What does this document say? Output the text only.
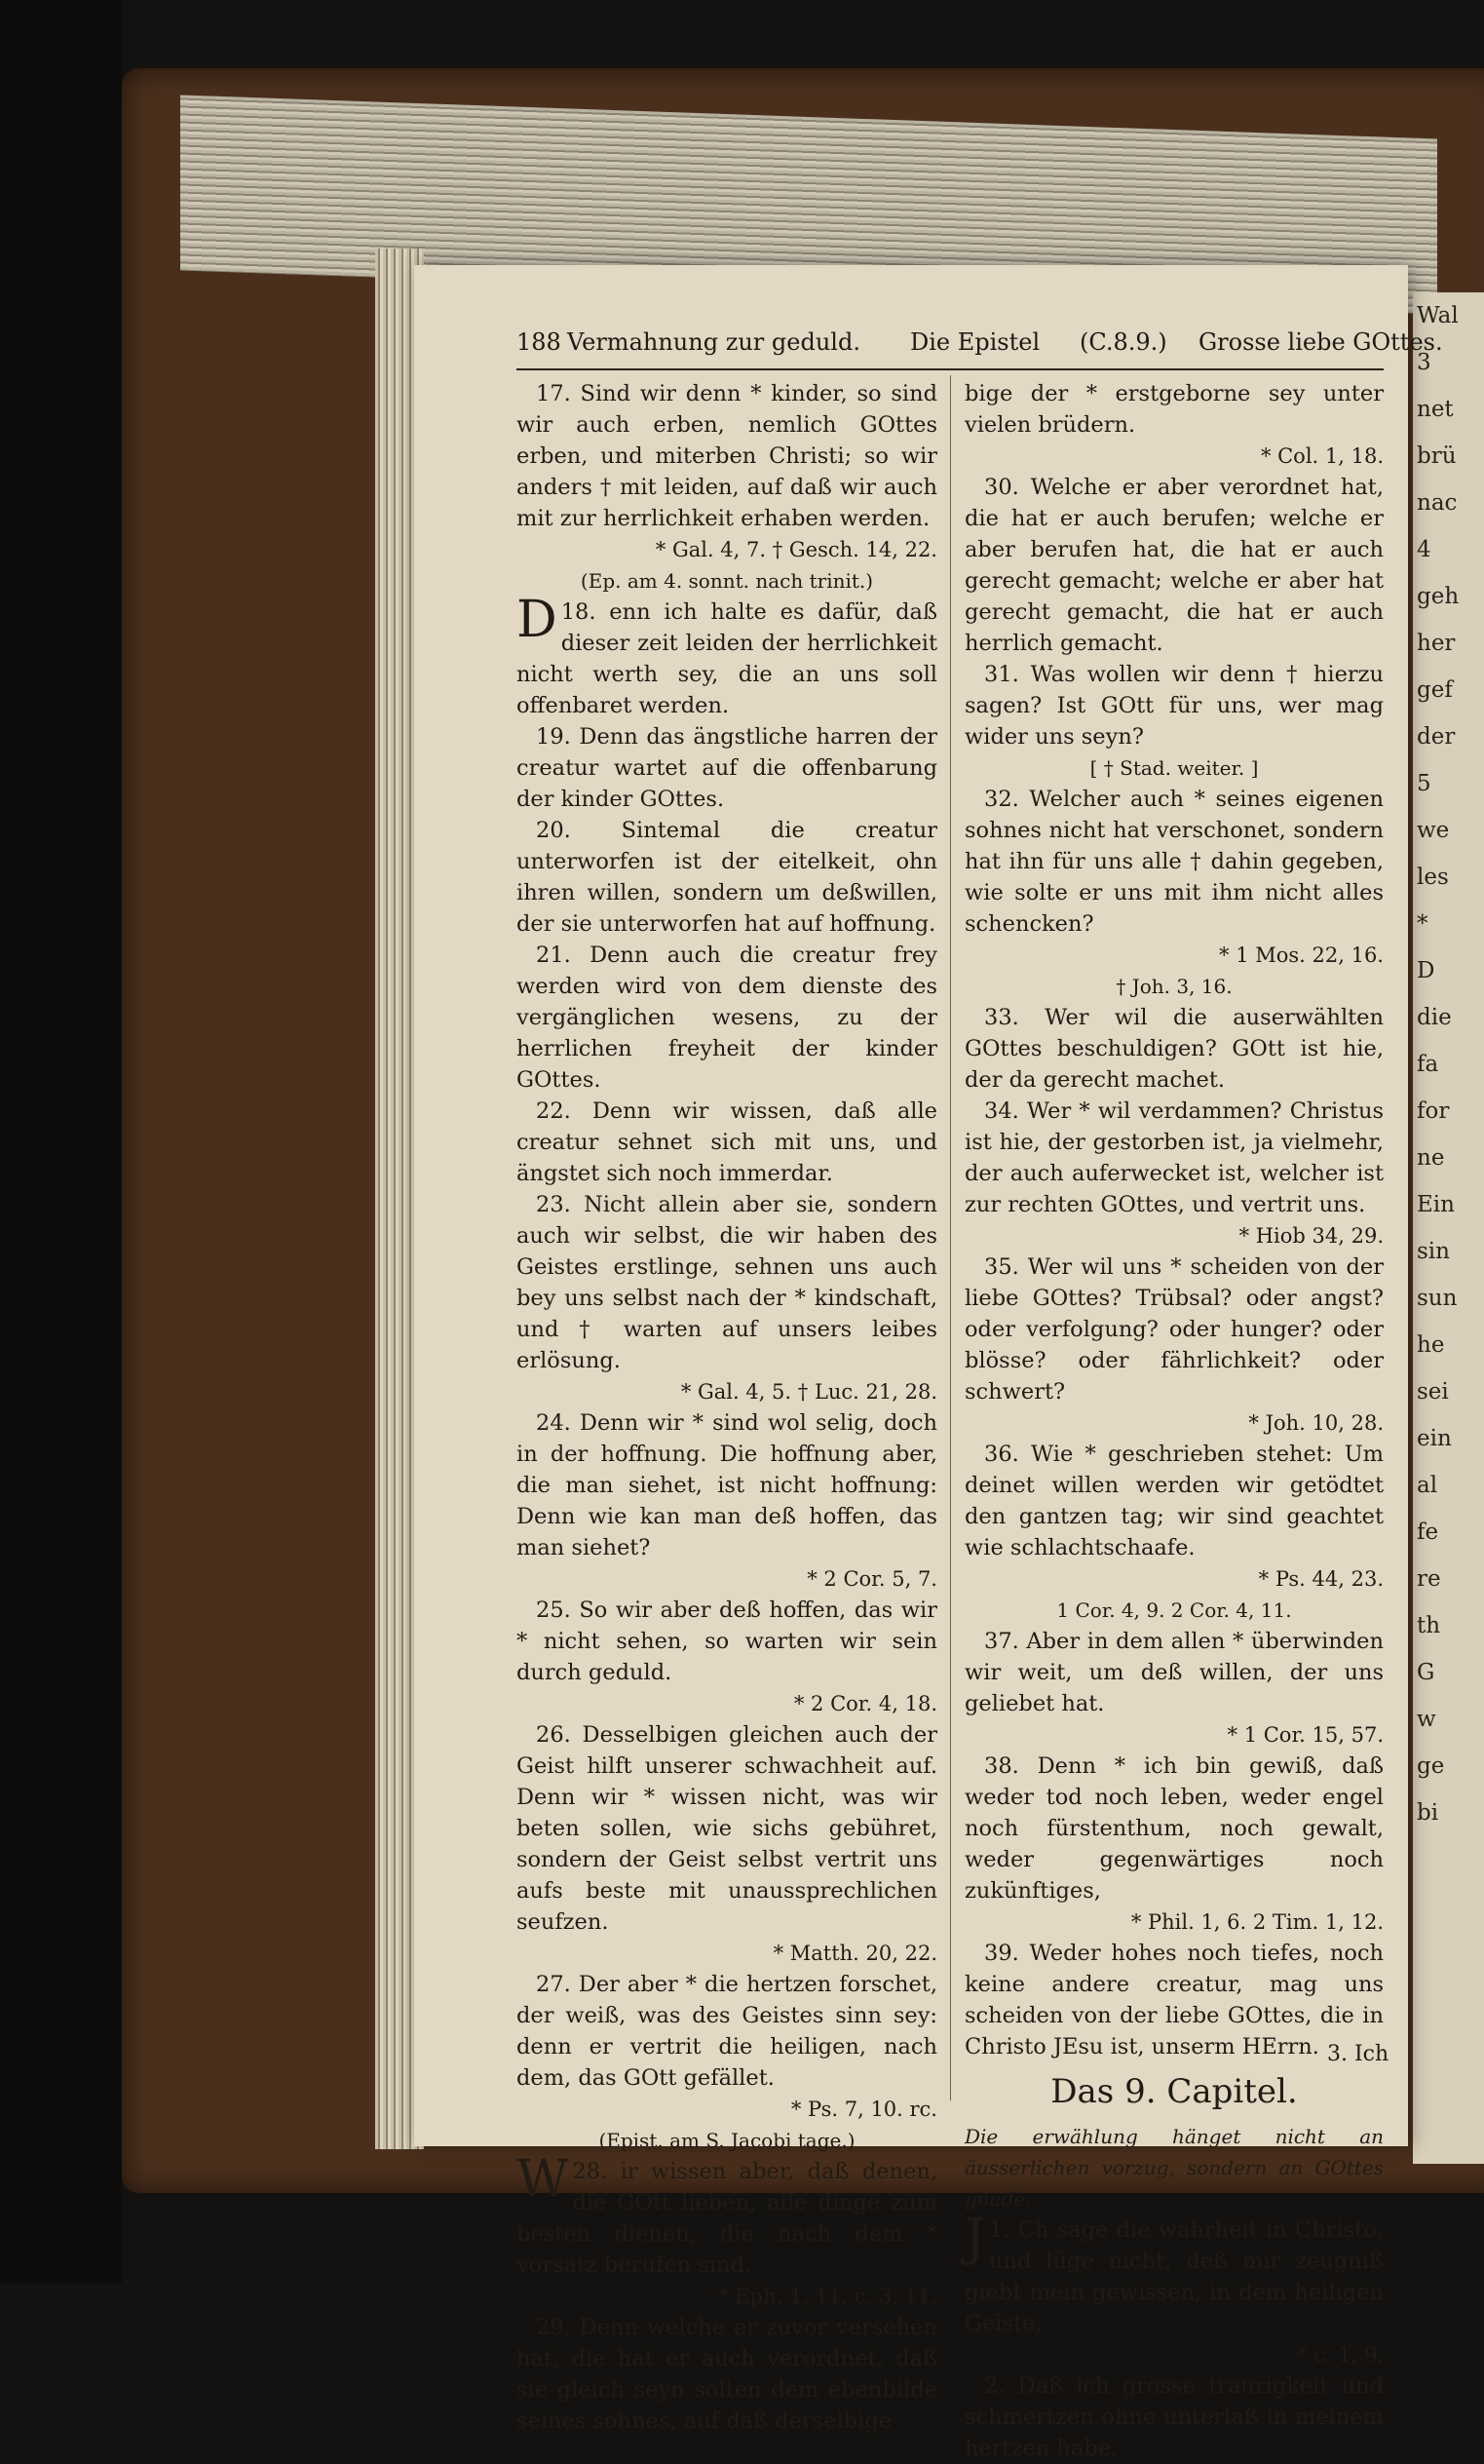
Wal
3
net
brü
nac
4
geh
her
gef
der
5
we
les
*
D
die
fa
for
ne
Ein
sin
sun
he
sei
ein
al
fe
re
th
G
w
ge
bi
188 Vermahnung zur geduld. Die Epistel (C.8.9.) Grosse liebe GOttes.

17. Sind wir denn * kinder, so sind wir auch erben, nemlich GOttes erben, und miterben Christi; so wir anders † mit leiden, auf daß wir auch mit zur herrlichkeit erhaben werden.

* Gal. 4, 7. † Gesch. 14, 22.

(Ep. am 4. sonnt. nach trinit.)

D 18. enn ich halte es dafür, daß dieser zeit leiden der herrlichkeit nicht werth sey, die an uns soll offenbaret werden.

19. Denn das ängstliche harren der creatur wartet auf die offenbarung der kinder GOttes.

20. Sintemal die creatur unterworfen ist der eitelkeit, ohn ihren willen, sondern um deßwillen, der sie unterworfen hat auf hoffnung.

21. Denn auch die creatur frey werden wird von dem dienste des vergänglichen wesens, zu der herrlichen freyheit der kinder GOttes.

22. Denn wir wissen, daß alle creatur sehnet sich mit uns, und ängstet sich noch immerdar.

23. Nicht allein aber sie, sondern auch wir selbst, die wir haben des Geistes erstlinge, sehnen uns auch bey uns selbst nach der * kindschaft, und † warten auf unsers leibes erlösung.

* Gal. 4, 5. † Luc. 21, 28.

24. Denn wir * sind wol selig, doch in der hoffnung. Die hoffnung aber, die man siehet, ist nicht hoffnung: Denn wie kan man deß hoffen, das man siehet?

* 2 Cor. 5, 7.

25. So wir aber deß hoffen, das wir * nicht sehen, so warten wir sein durch geduld.

* 2 Cor. 4, 18.

26. Desselbigen gleichen auch der Geist hilft unserer schwachheit auf. Denn wir * wissen nicht, was wir beten sollen, wie sichs gebühret, sondern der Geist selbst vertrit uns aufs beste mit unaussprechlichen seufzen.

* Matth. 20, 22.

27. Der aber * die hertzen forschet, der weiß, was des Geistes sinn sey: denn er vertrit die heiligen, nach dem, das GOtt gefället.

* Ps. 7, 10. rc.

(Epist. am S. Jacobi tage.)

W 28. ir wissen aber, daß denen, die GOtt lieben, alle dinge zum besten dienen, die nach dem * vorsatz berufen sind.

* Eph. 1, 11. c. 3, 11.

29. Denn welche er zuvor versehen hat, die hat er auch verordnet, daß sie gleich seyn solten dem ebenbilde seines sohnes, auf daß derselbige

bige der * erstgeborne sey unter vielen brüdern.

* Col. 1, 18.

30. Welche er aber verordnet hat, die hat er auch berufen; welche er aber berufen hat, die hat er auch gerecht gemacht; welche er aber hat gerecht gemacht, die hat er auch herrlich gemacht.

31. Was wollen wir denn † hierzu sagen? Ist GOtt für uns, wer mag wider uns seyn?

[ † Stad. weiter. ]

32. Welcher auch * seines eigenen sohnes nicht hat verschonet, sondern hat ihn für uns alle † dahin gegeben, wie solte er uns mit ihm nicht alles schencken?

* 1 Mos. 22, 16.

† Joh. 3, 16.

33. Wer wil die auserwählten GOttes beschuldigen? GOtt ist hie, der da gerecht machet.

34. Wer * wil verdammen? Christus ist hie, der gestorben ist, ja vielmehr, der auch auferwecket ist, welcher ist zur rechten GOttes, und vertrit uns.

* Hiob 34, 29.

35. Wer wil uns * scheiden von der liebe GOttes? Trübsal? oder angst? oder verfolgung? oder hunger? oder blösse? oder fährlichkeit? oder schwert?

* Joh. 10, 28.

36. Wie * geschrieben stehet: Um deinet willen werden wir getödtet den gantzen tag; wir sind geachtet wie schlachtschaafe.

* Ps. 44, 23.

1 Cor. 4, 9. 2 Cor. 4, 11.

37. Aber in dem allen * überwinden wir weit, um deß willen, der uns geliebet hat.

* 1 Cor. 15, 57.

38. Denn * ich bin gewiß, daß weder tod noch leben, weder engel noch fürstenthum, noch gewalt, weder gegenwärtiges noch zukünftiges,

* Phil. 1, 6. 2 Tim. 1, 12.

39. Weder hohes noch tiefes, noch keine andere creatur, mag uns scheiden von der liebe GOttes, die in Christo JEsu ist, unserm HErrn.

Das 9. Capitel.

Die erwählung hänget nicht an äusserlichen vorzug, sondern an GOttes gnade.

J 1. Ch sage die wahrheit in Christo, und lüge nicht, deß mir zeugniß giebt mein gewissen, in dem heiligen Geiste,

* c. 1, 9.

2. Daß ich grosse traurigkeit und schmertzen ohne unterlaß in meinem hertzen habe.

3. Ich
